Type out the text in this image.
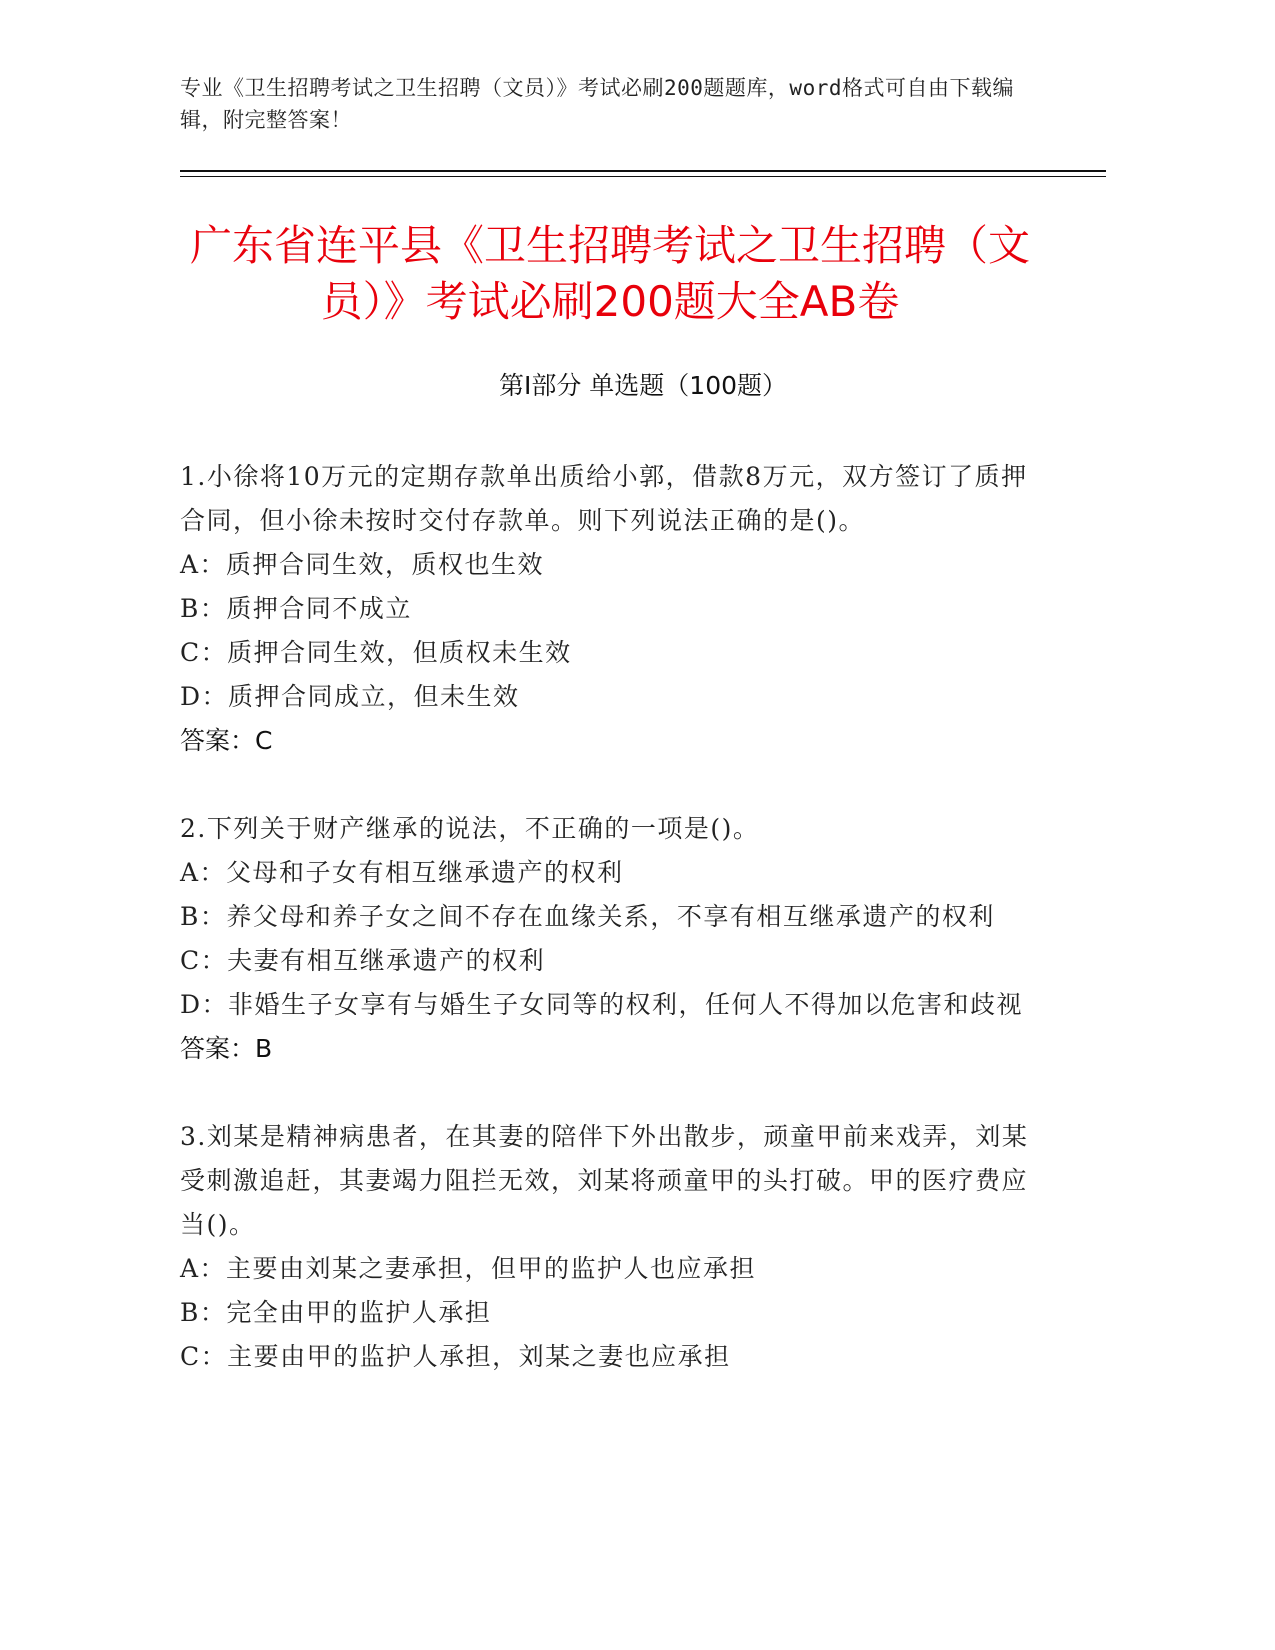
专业《卫生招聘考试之卫生招聘（文员）》考试必刷200题题库，word格式可自由下载编辑，附完整答案！
广东省连平县《卫生招聘考试之卫生招聘（文员）》考试必刷200题大全AB卷
第Ⅰ部分 单选题（100题）

1.小徐将10万元的定期存款单出质给小郭，借款8万元，双方签订了质押合同，但小徐未按时交付存款单。则下列说法正确的是()。

A：质押合同生效，质权也生效

B：质押合同不成立

C：质押合同生效，但质权未生效

D：质押合同成立，但未生效

答案：C

2.下列关于财产继承的说法，不正确的一项是()。

A：父母和子女有相互继承遗产的权利

B：养父母和养子女之间不存在血缘关系，不享有相互继承遗产的权利

C：夫妻有相互继承遗产的权利

D：非婚生子女享有与婚生子女同等的权利，任何人不得加以危害和歧视

答案：B

3.刘某是精神病患者，在其妻的陪伴下外出散步，顽童甲前来戏弄，刘某受刺激追赶，其妻竭力阻拦无效，刘某将顽童甲的头打破。甲的医疗费应当()。

A：主要由刘某之妻承担，但甲的监护人也应承担

B：完全由甲的监护人承担

C：主要由甲的监护人承担，刘某之妻也应承担
